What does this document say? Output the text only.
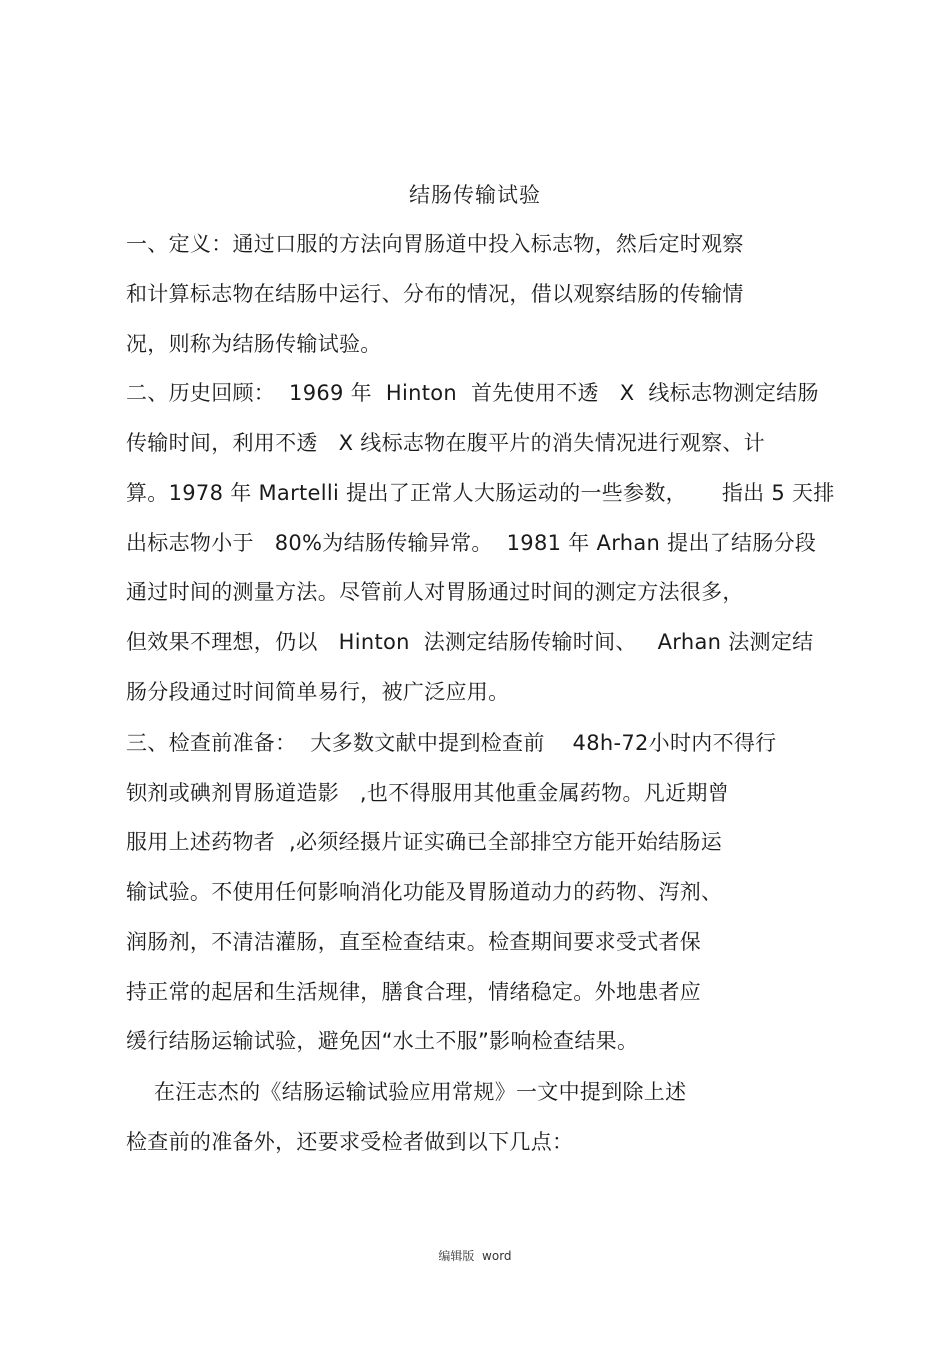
结肠传输试验
一、定义：通过口服的方法向胃肠道中投入标志物，然后定时观察
和计算标志物在结肠中运行、分布的情况，借以观察结肠的传输情
况，则称为结肠传输试验。
二、历史回顾：  1969 年  Hinton  首先使用不透   X  线标志物测定结肠
传输时间，利用不透   X 线标志物在腹平片的消失情况进行观察、计
算。1978 年 Martelli 提出了正常人大肠运动的一些参数，     指出 5 天排
出标志物小于   80%为结肠传输异常。  1981 年 Arhan 提出了结肠分段
通过时间的测量方法。尽管前人对胃肠通过时间的测定方法很多，
但效果不理想，仍以   Hinton  法测定结肠传输时间、   Arhan 法测定结
肠分段通过时间简单易行，被广泛应用。
三、检查前准备：  大多数文献中提到检查前    48h-72小时内不得行
钡剂或碘剂胃肠道造影   ,也不得服用其他重金属药物。凡近期曾
服用上述药物者  ,必须经摄片证实确已全部排空方能开始结肠运
输试验。不使用任何影响消化功能及胃肠道动力的药物、泻剂、
润肠剂，不清洁灌肠，直至检查结束。检查期间要求受式者保
持正常的起居和生活规律，膳食合理，情绪稳定。外地患者应
缓行结肠运输试验，避免因“水土不服”影响检查结果。
在汪志杰的《结肠运输试验应用常规》一文中提到除上述
检查前的准备外，还要求受检者做到以下几点：
编辑版  word
